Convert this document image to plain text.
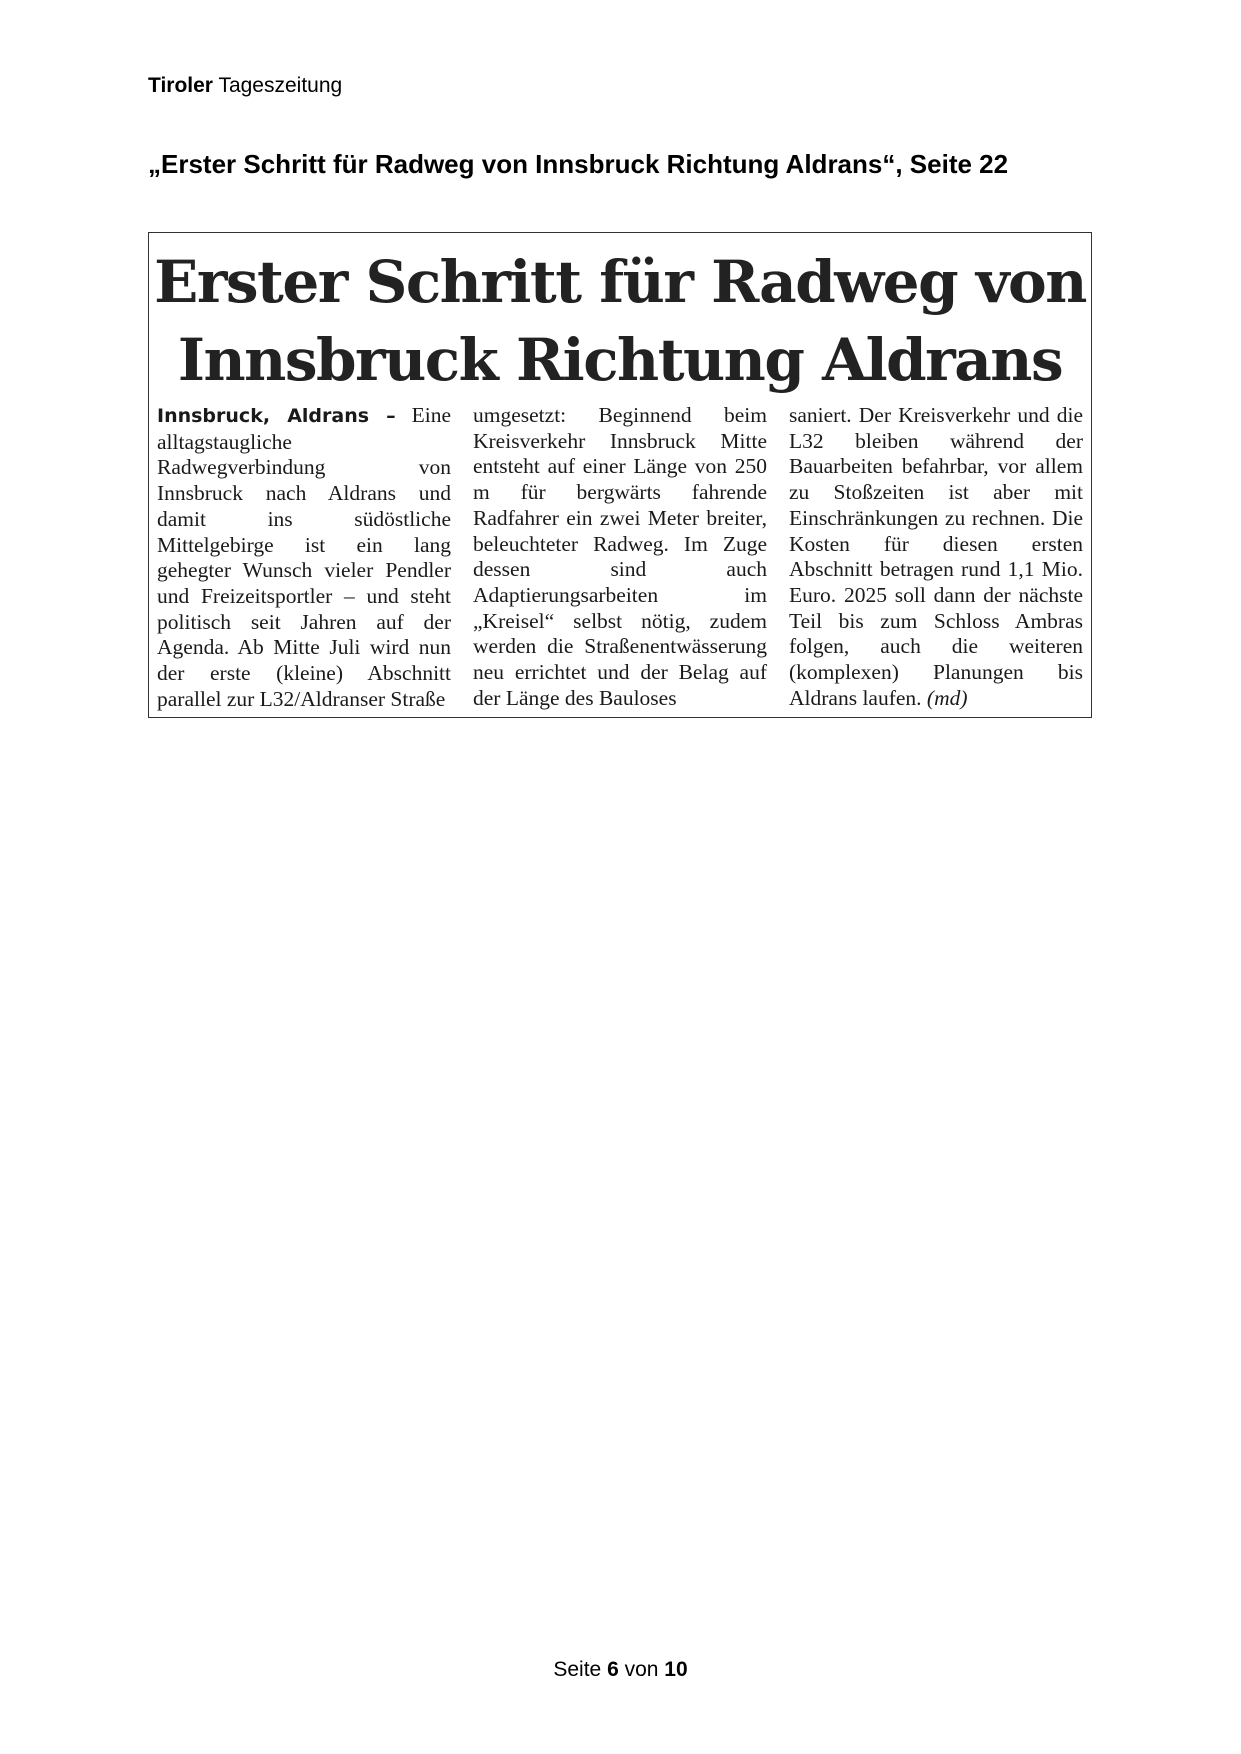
Tiroler Tageszeitung
„Erster Schritt für Radweg von Innsbruck Richtung Aldrans“, Seite 22
Erster Schritt für Radweg von
Innsbruck Richtung Aldrans
Innsbruck, Aldrans – Eine alltagstaugliche Radwegverbindung von Innsbruck nach Aldrans und damit ins südöstliche Mittelgebirge ist ein lang gehegter Wunsch vieler Pendler und Freizeitsportler – und steht politisch seit Jahren auf der Agenda. Ab Mitte Juli wird nun der erste (kleine) Abschnitt parallel zur L32/Aldranser Straße
umgesetzt: Beginnend beim Kreisverkehr Innsbruck Mitte entsteht auf einer Länge von 250 m für bergwärts fahrende Radfahrer ein zwei Meter breiter, beleuchteter Radweg. Im Zuge dessen sind auch Adaptierungsarbeiten im „Kreisel“ selbst nötig, zudem werden die Straßenentwässerung neu errichtet und der Belag auf der Länge des Bauloses
saniert. Der Kreisverkehr und die L32 bleiben während der Bauarbeiten befahrbar, vor allem zu Stoßzeiten ist aber mit Einschränkungen zu rechnen. Die Kosten für diesen ersten Abschnitt betragen rund 1,1 Mio. Euro. 2025 soll dann der nächste Teil bis zum Schloss Ambras folgen, auch die weiteren (komplexen) Planungen bis Aldrans laufen. (md)
Seite 6 von 10
